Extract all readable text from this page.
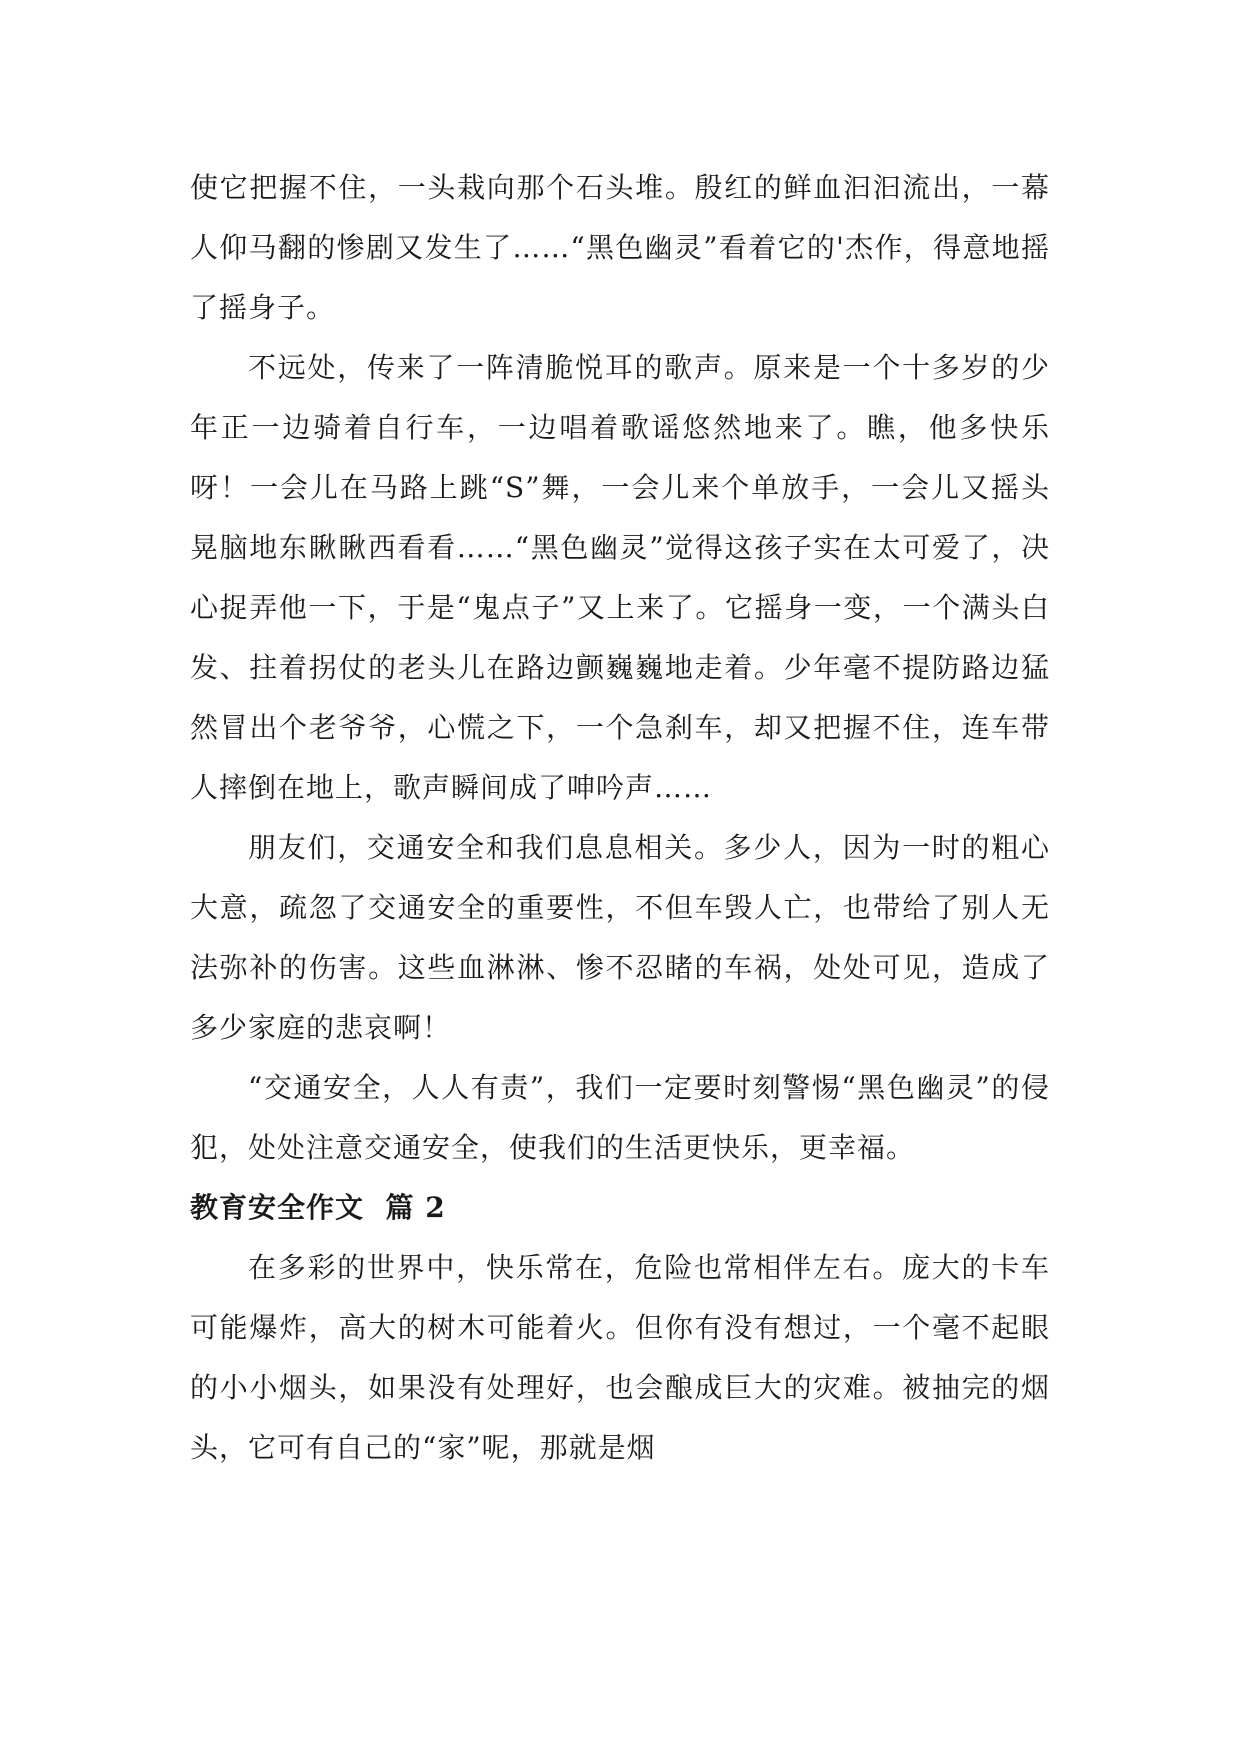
使它把握不住，一头栽向那个石头堆。殷红的鲜血汩汩流出，一幕人仰马翻的惨剧又发生了……“黑色幽灵”看着它的'杰作，得意地摇了摇身子。

不远处，传来了一阵清脆悦耳的歌声。原来是一个十多岁的少年正一边骑着自行车，一边唱着歌谣悠然地来了。瞧，他多快乐呀！一会儿在马路上跳“S”舞，一会儿来个单放手，一会儿又摇头晃脑地东瞅瞅西看看……“黑色幽灵”觉得这孩子实在太可爱了，决心捉弄他一下，于是“鬼点子”又上来了。它摇身一变，一个满头白发、拄着拐仗的老头儿在路边颤巍巍地走着。少年毫不提防路边猛然冒出个老爷爷，心慌之下，一个急刹车，却又把握不住，连车带人摔倒在地上，歌声瞬间成了呻吟声……

朋友们，交通安全和我们息息相关。多少人，因为一时的粗心大意，疏忽了交通安全的重要性，不但车毁人亡，也带给了别人无法弥补的伤害。这些血淋淋、惨不忍睹的车祸，处处可见，造成了多少家庭的悲哀啊！

“交通安全，人人有责”，我们一定要时刻警惕“黑色幽灵”的侵犯，处处注意交通安全，使我们的生活更快乐，更幸福。

教育安全作文  篇 2

在多彩的世界中，快乐常在，危险也常相伴左右。庞大的卡车可能爆炸，高大的树木可能着火。但你有没有想过，一个毫不起眼的小小烟头，如果没有处理好，也会酿成巨大的灾难。被抽完的烟头，它可有自己的“家”呢，那就是烟
